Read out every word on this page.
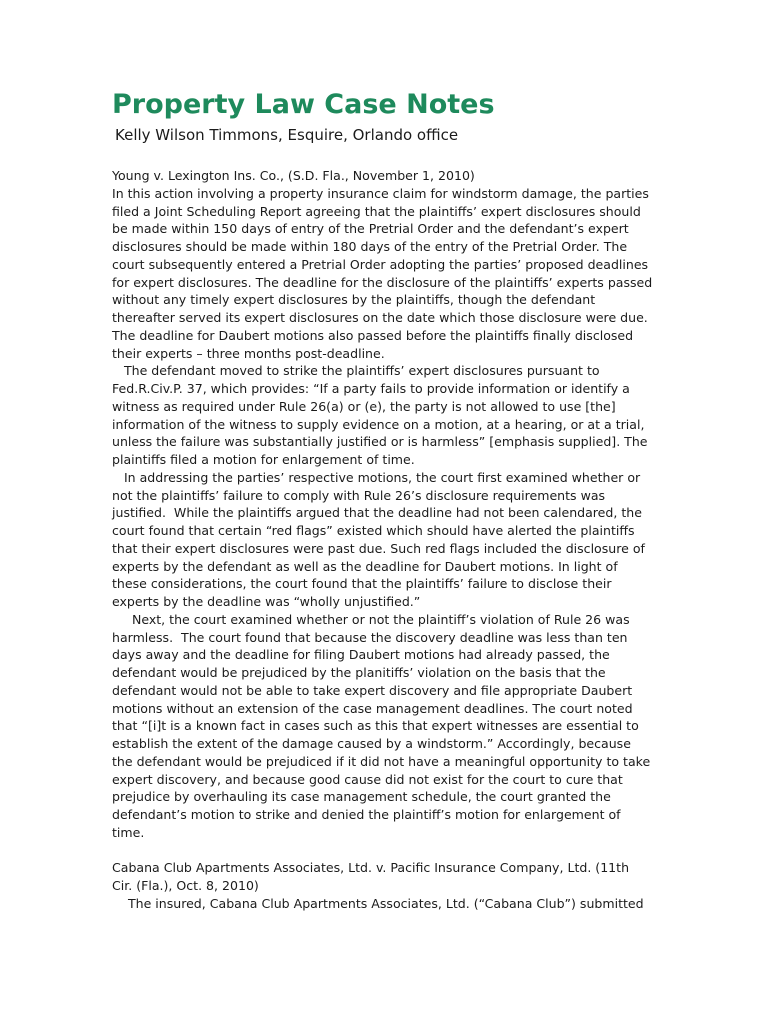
Property Law Case Notes
Kelly Wilson Timmons, Esquire, Orlando office
Young v. Lexington Ins. Co., (S.D. Fla., November 1, 2010)
In this action involving a property insurance claim for windstorm damage, the parties
filed a Joint Scheduling Report agreeing that the plaintiffs’ expert disclosures should
be made within 150 days of entry of the Pretrial Order and the defendant’s expert
disclosures should be made within 180 days of the entry of the Pretrial Order. The
court subsequently entered a Pretrial Order adopting the parties’ proposed deadlines
for expert disclosures. The deadline for the disclosure of the plaintiffs’ experts passed
without any timely expert disclosures by the plaintiffs, though the defendant
thereafter served its expert disclosures on the date which those disclosure were due.
The deadline for Daubert motions also passed before the plaintiffs finally disclosed
their experts – three months post-deadline.
The defendant moved to strike the plaintiffs’ expert disclosures pursuant to
Fed.R.Civ.P. 37, which provides: “If a party fails to provide information or identify a
witness as required under Rule 26(a) or (e), the party is not allowed to use [the]
information of the witness to supply evidence on a motion, at a hearing, or at a trial,
unless the failure was substantially justified or is harmless” [emphasis supplied]. The
plaintiffs filed a motion for enlargement of time.
In addressing the parties’ respective motions, the court first examined whether or
not the plaintiffs’ failure to comply with Rule 26’s disclosure requirements was
justified.  While the plaintiffs argued that the deadline had not been calendared, the
court found that certain “red flags” existed which should have alerted the plaintiffs
that their expert disclosures were past due. Such red flags included the disclosure of
experts by the defendant as well as the deadline for Daubert motions. In light of
these considerations, the court found that the plaintiffs’ failure to disclose their
experts by the deadline was “wholly unjustified.”
Next, the court examined whether or not the plaintiff’s violation of Rule 26 was
harmless.  The court found that because the discovery deadline was less than ten
days away and the deadline for filing Daubert motions had already passed, the
defendant would be prejudiced by the planitiffs’ violation on the basis that the
defendant would not be able to take expert discovery and file appropriate Daubert
motions without an extension of the case management deadlines. The court noted
that “[i]t is a known fact in cases such as this that expert witnesses are essential to
establish the extent of the damage caused by a windstorm.” Accordingly, because
the defendant would be prejudiced if it did not have a meaningful opportunity to take
expert discovery, and because good cause did not exist for the court to cure that
prejudice by overhauling its case management schedule, the court granted the
defendant’s motion to strike and denied the plaintiff’s motion for enlargement of
time.
Cabana Club Apartments Associates, Ltd. v. Pacific Insurance Company, Ltd. (11th
Cir. (Fla.), Oct. 8, 2010)
The insured, Cabana Club Apartments Associates, Ltd. (“Cabana Club”) submitted
